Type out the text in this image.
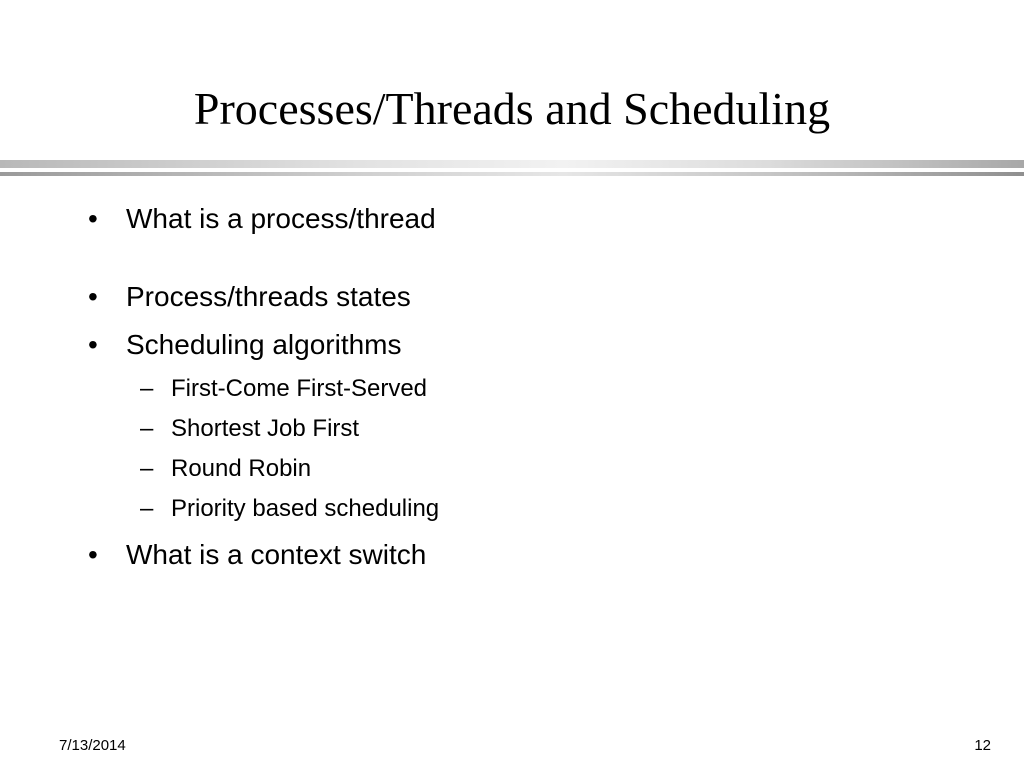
Processes/Threads and Scheduling
• What is a process/thread
• Process/threads states
• Scheduling algorithms
– First-Come First-Served
– Shortest Job First
– Round Robin
– Priority based scheduling
• What is a context switch
7/13/2014	12
